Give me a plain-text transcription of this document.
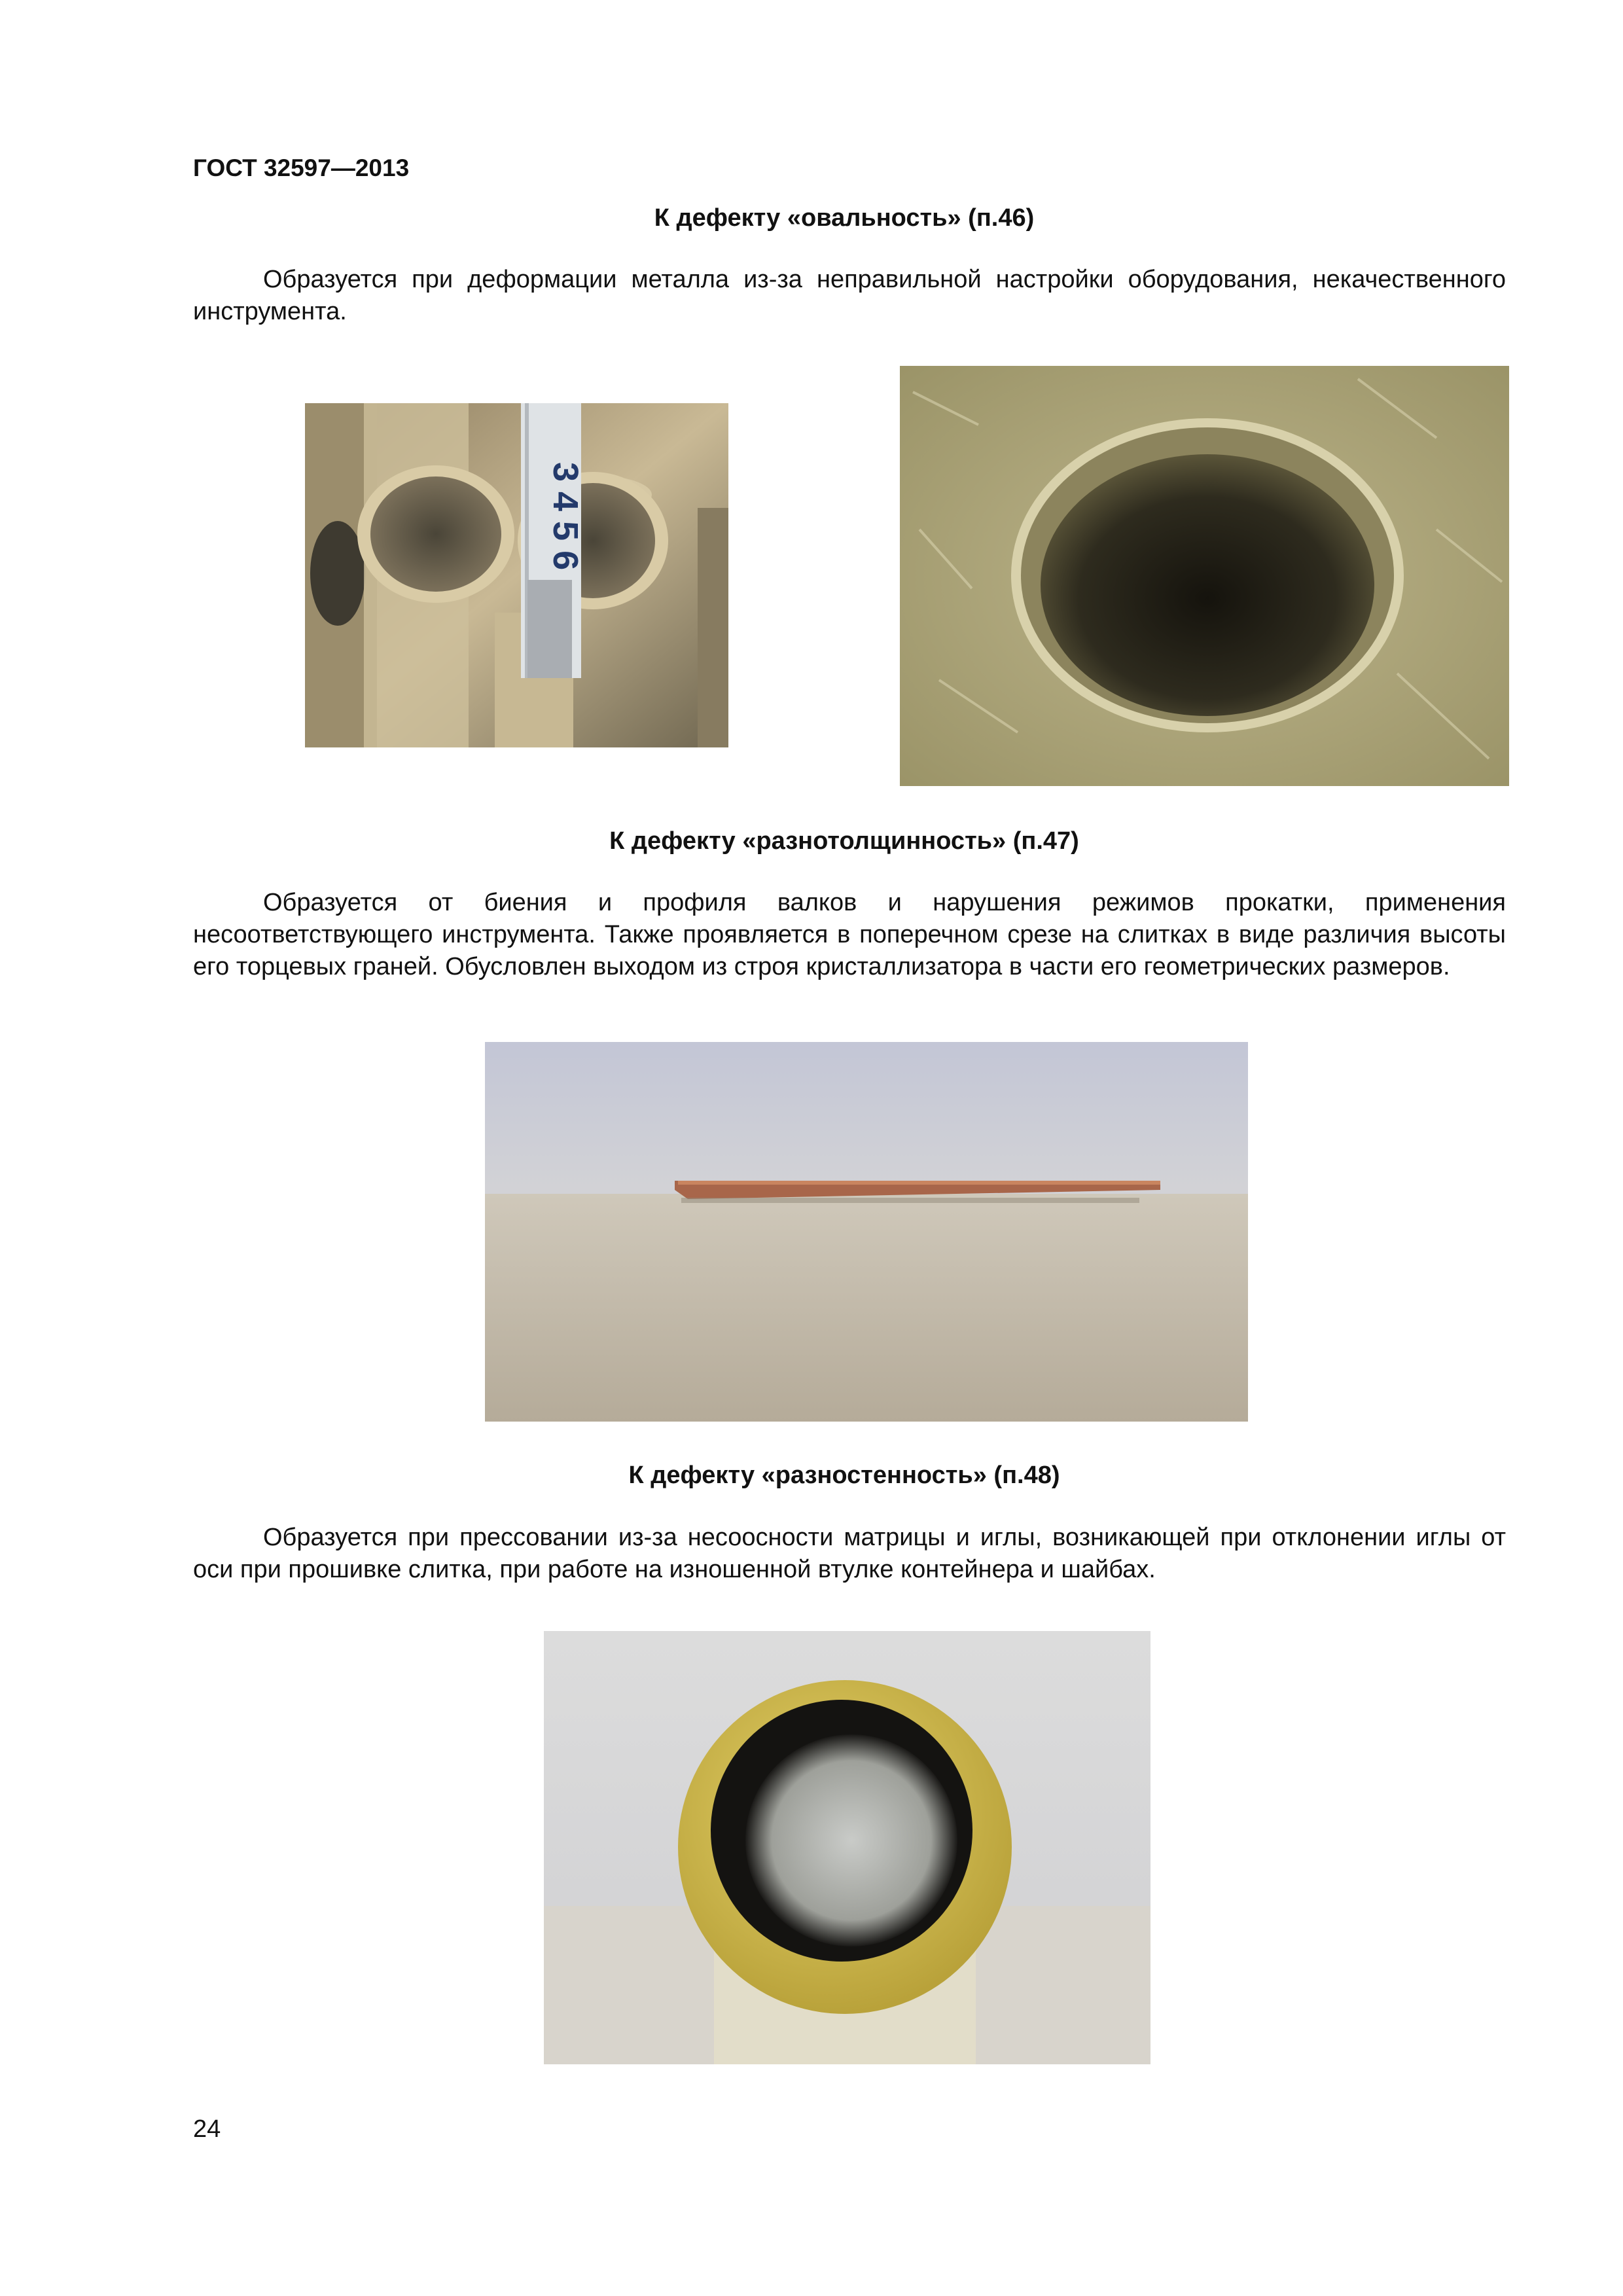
ГОСТ 32597—2013
К дефекту «овальность» (п.46)
Образуется при деформации металла из-за неправильной настройки оборудования, некачественного инструмента.
3 4 5 6
К дефекту «разнотолщинность» (п.47)
Образуется от биения и профиля валков и нарушения режимов прокатки, применения несоответствующего инструмента. Также проявляется в поперечном срезе на слитках в виде различия высоты его торцевых граней. Обусловлен выходом из строя кристаллизатора в части его геометрических размеров.
К дефекту «разностенность» (п.48)
Образуется при прессовании из-за несоосности матрицы и иглы, возникающей при отклонении иглы от оси при прошивке слитка, при работе на изношенной втулке контейнера и шайбах.
24
